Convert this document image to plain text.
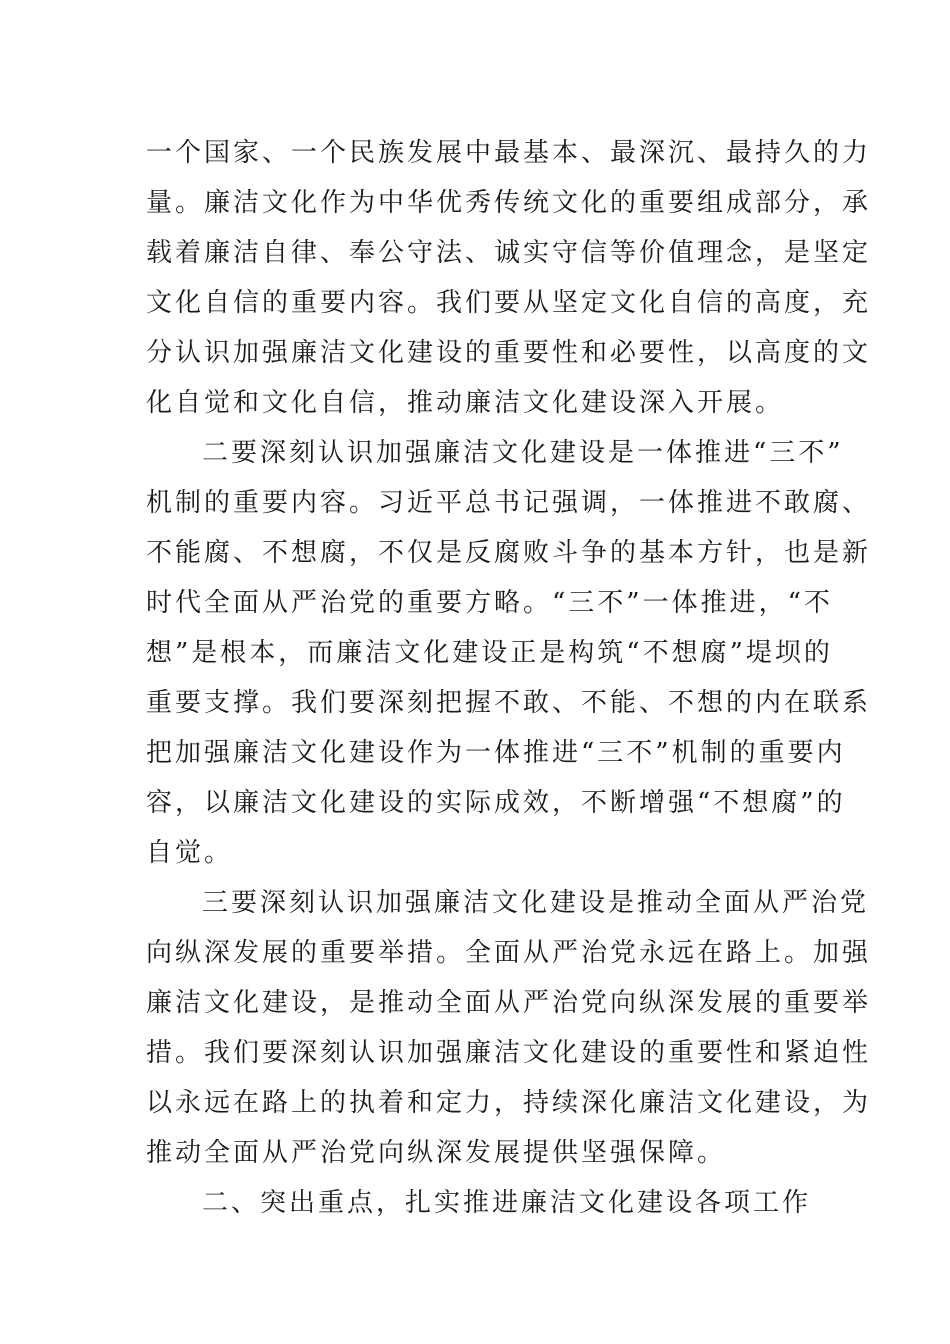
一个国家、一个民族发展中最基本、最深沉、最持久的力
量。廉洁文化作为中华优秀传统文化的重要组成部分，承
载着廉洁自律、奉公守法、诚实守信等价值理念，是坚定
文化自信的重要内容。我们要从坚定文化自信的高度，充
分认识加强廉洁文化建设的重要性和必要性，以高度的文
化自觉和文化自信，推动廉洁文化建设深入开展。
二要深刻认识加强廉洁文化建设是一体推进“三不”
机制的重要内容。习近平总书记强调，一体推进不敢腐、
不能腐、不想腐，不仅是反腐败斗争的基本方针，也是新
时代全面从严治党的重要方略。“三不”一体推进，“不
想”是根本，而廉洁文化建设正是构筑“不想腐”堤坝的
重要支撑。我们要深刻把握不敢、不能、不想的内在联系
把加强廉洁文化建设作为一体推进“三不”机制的重要内
容，以廉洁文化建设的实际成效，不断增强“不想腐”的
自觉。
三要深刻认识加强廉洁文化建设是推动全面从严治党
向纵深发展的重要举措。全面从严治党永远在路上。加强
廉洁文化建设，是推动全面从严治党向纵深发展的重要举
措。我们要深刻认识加强廉洁文化建设的重要性和紧迫性
以永远在路上的执着和定力，持续深化廉洁文化建设，为
推动全面从严治党向纵深发展提供坚强保障。
二、突出重点，扎实推进廉洁文化建设各项工作
